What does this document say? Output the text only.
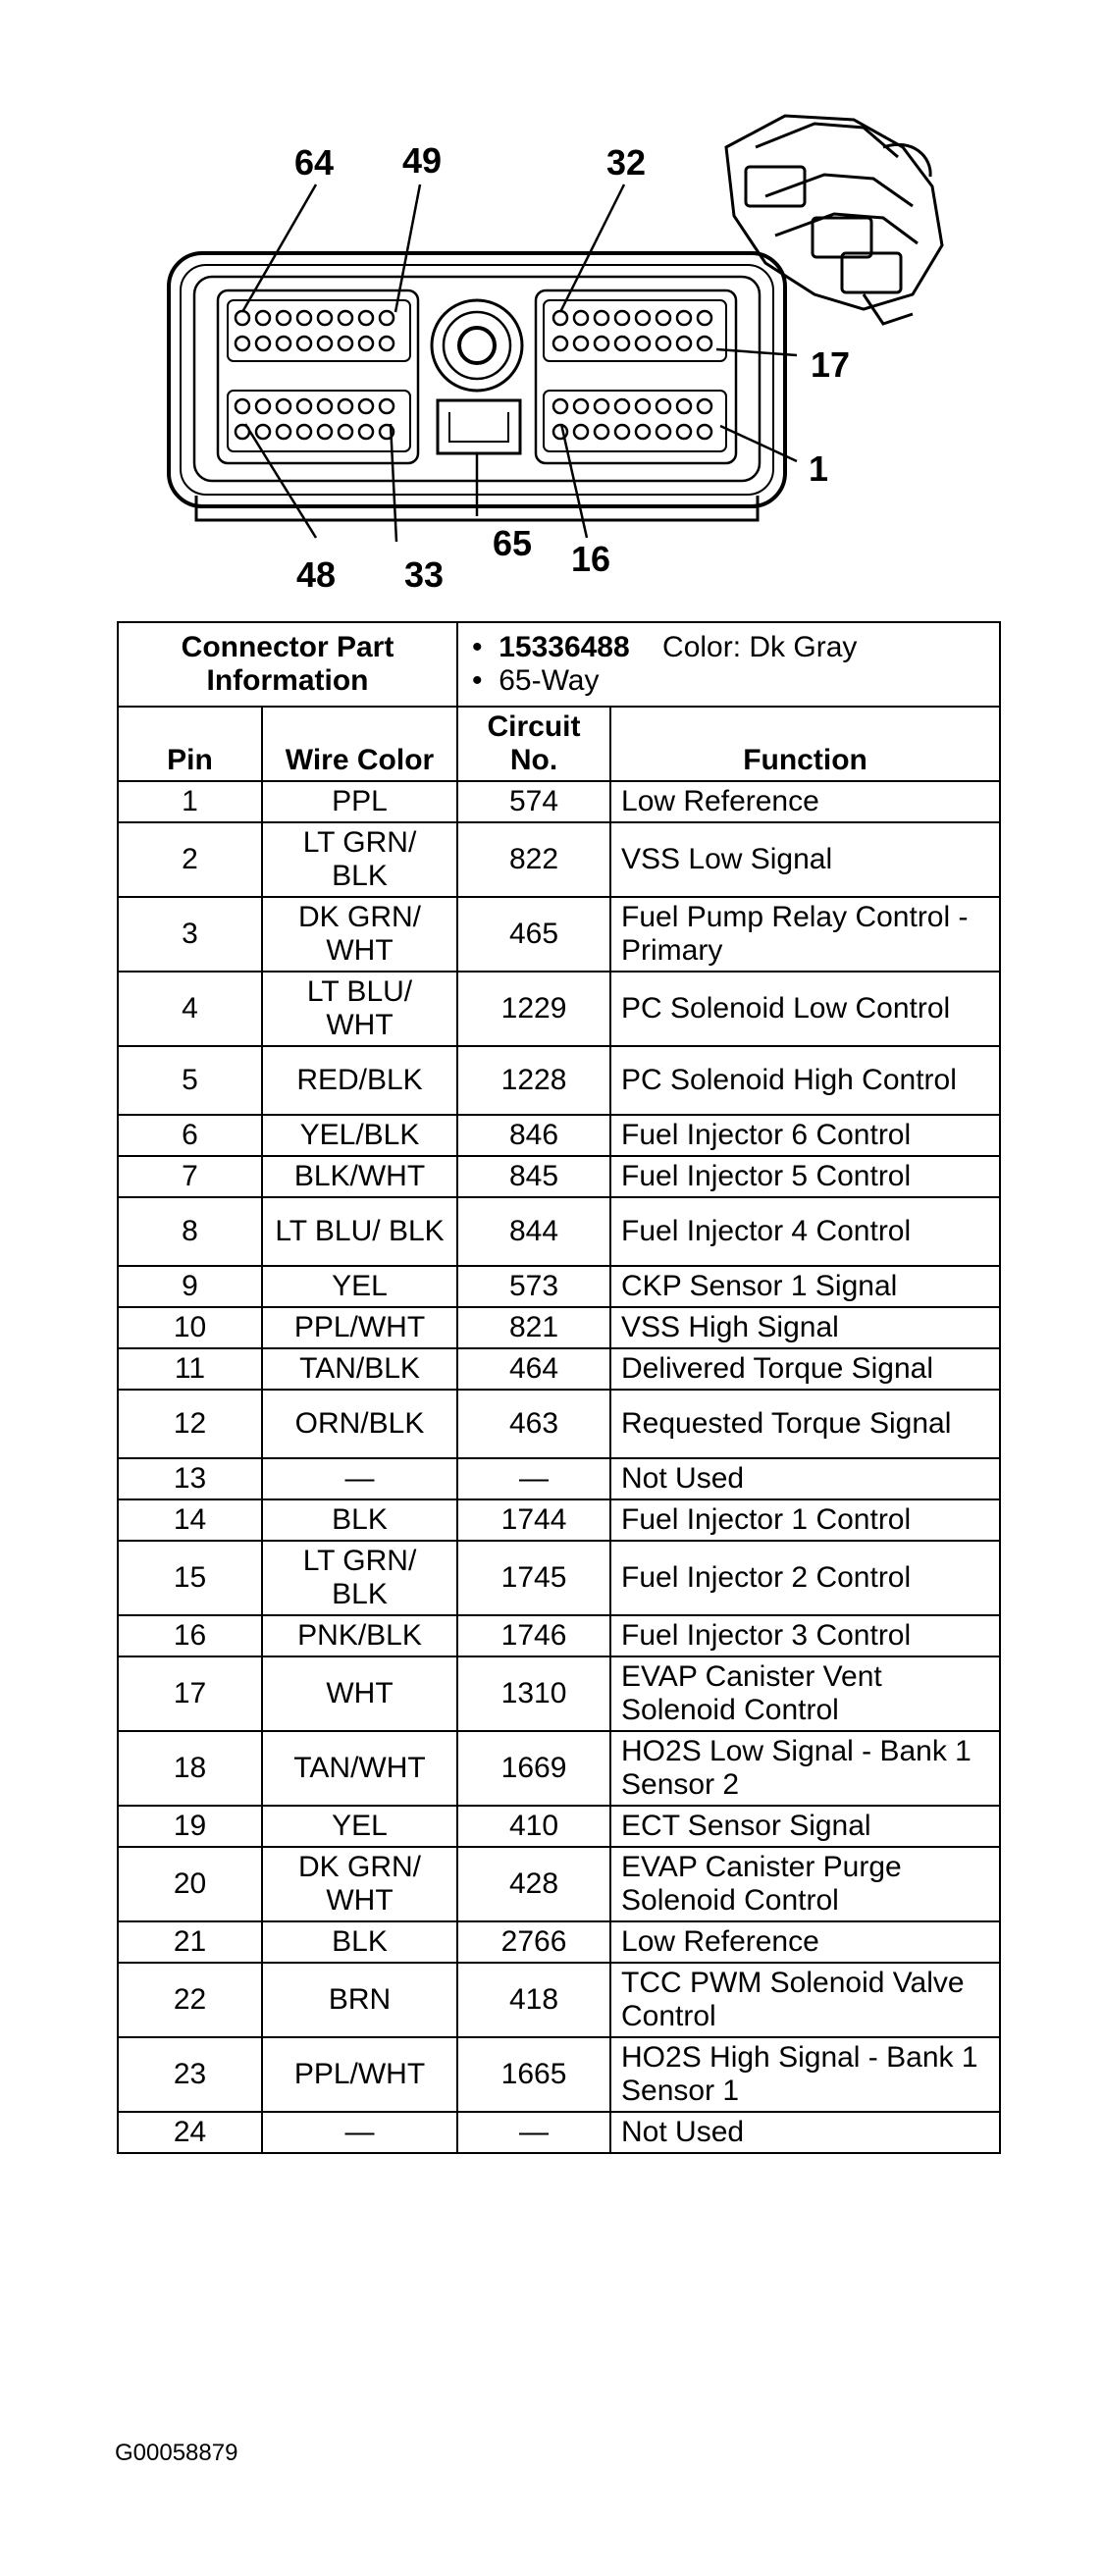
64 49	32
17
1
48 33
65 16
Connector Part Information		•  15336488 Color: Dk Gray
•  65-Way	

Pin	Wire Color	Circuit No.	Function
1	PPL	574	Low Reference
2	LT GRN/ BLK	822	VSS Low Signal
3	DK GRN/ WHT	465	Fuel Pump Relay Control - Primary
4	LT BLU/ WHT	1229	PC Solenoid Low Control
5	RED/BLK	1228	PC Solenoid High Control
6	YEL/BLK	846	Fuel Injector 6 Control
7	BLK/WHT	845	Fuel Injector 5 Control
8	LT BLU/ BLK	844	Fuel Injector 4 Control
9	YEL	573	CKP Sensor 1 Signal
10	PPL/WHT	821	VSS High Signal
11	TAN/BLK	464	Delivered Torque Signal
12	ORN/BLK	463	Requested Torque Signal
13	—	—	Not Used
14	BLK	1744	Fuel Injector 1 Control
15	LT GRN/ BLK	1745	Fuel Injector 2 Control
16	PNK/BLK	1746	Fuel Injector 3 Control
17	WHT	1310	EVAP Canister Vent Solenoid Control
18	TAN/WHT	1669	HO2S Low Signal - Bank 1 Sensor 2
19	YEL	410	ECT Sensor Signal
20	DK GRN/ WHT	428	EVAP Canister Purge Solenoid Control
21	BLK	2766	Low Reference
22	BRN	418	TCC PWM Solenoid Valve Control
23	PPL/WHT	1665	HO2S High Signal - Bank 1 Sensor 1
24	—	—	Not Used
G00058879
